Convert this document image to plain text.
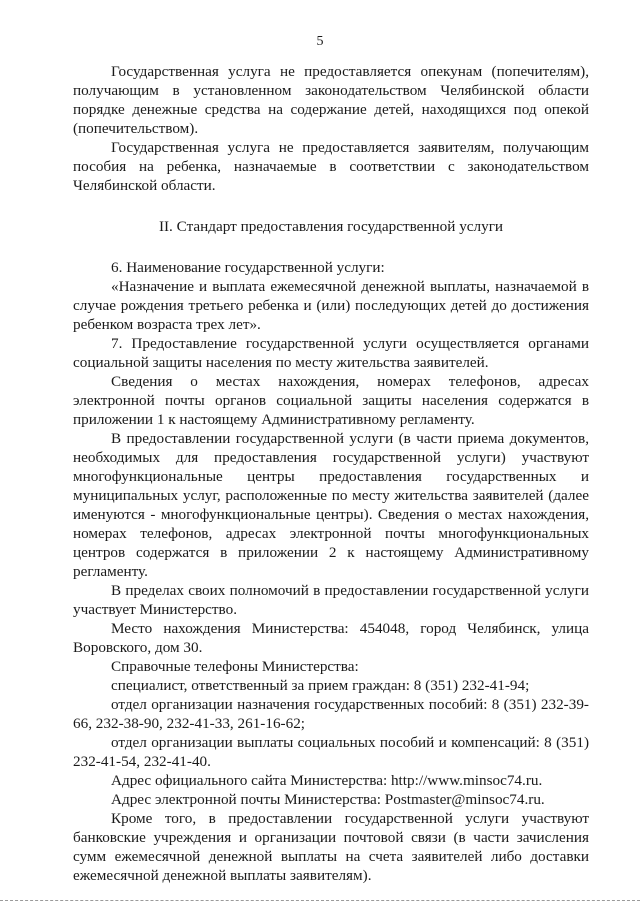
5

Государственная услуга не предоставляется опекунам (попечителям), получающим в установленном законодательством Челябинской области порядке денежные средства на содержание детей, находящихся под опекой (попечительством).

Государственная услуга не предоставляется заявителям, получающим пособия на ребенка, назначаемые в соответствии с законодательством Челябинской области.

II. Стандарт предоставления государственной услуги

6. Наименование государственной услуги:

«Назначение и выплата ежемесячной денежной выплаты, назначаемой в случае рождения третьего ребенка и (или) последующих детей до достижения ребенком возраста трех лет».

7. Предоставление государственной услуги осуществляется органами социальной защиты населения по месту жительства заявителей.

Сведения о местах нахождения, номерах телефонов, адресах электронной почты органов социальной защиты населения содержатся в приложении 1 к настоящему Административному регламенту.

В предоставлении государственной услуги (в части приема документов, необходимых для предоставления государственной услуги) участвуют многофункциональные центры предоставления государственных и муниципальных услуг, расположенные по месту жительства заявителей (далее именуются - многофункциональные центры). Сведения о местах нахождения, номерах телефонов, адресах электронной почты многофункциональных центров содержатся в приложении 2 к настоящему Административному регламенту.

В пределах своих полномочий в предоставлении государственной услуги участвует Министерство.

Место нахождения Министерства: 454048, город Челябинск, улица Воровского, дом 30.

Справочные телефоны Министерства:

специалист, ответственный за прием граждан: 8 (351) 232-41-94;

отдел организации назначения государственных пособий: 8 (351) 232-39-66, 232-38-90, 232-41-33, 261-16-62;

отдел организации выплаты социальных пособий и компенсаций: 8 (351) 232-41-54, 232-41-40.

Адрес официального сайта Министерства: http://www.minsoc74.ru.

Адрес электронной почты Министерства: Postmaster@minsoc74.ru.

Кроме того, в предоставлении государственной услуги участвуют банковские учреждения и организации почтовой связи (в части зачисления сумм ежемесячной денежной выплаты на счета заявителей либо доставки ежемесячной денежной выплаты заявителям).
